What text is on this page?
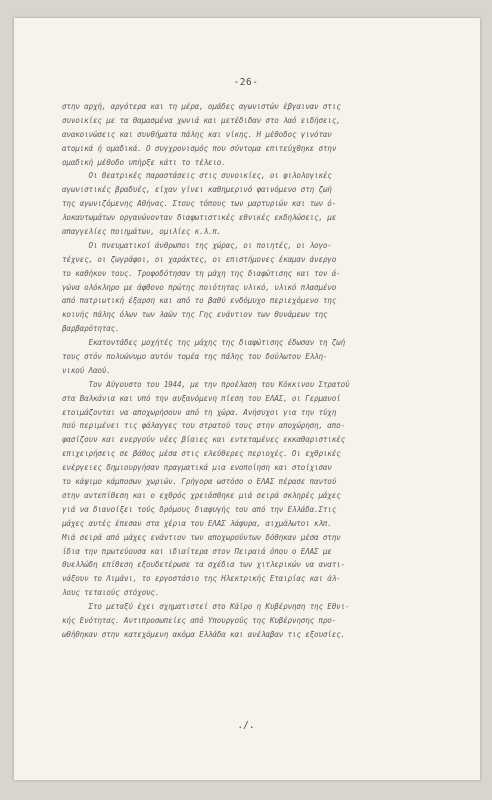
-26-
στην αρχή, αργότερα και τη μέρα, ομάδες αγωνιστών έβγαιναν στις
συνοικίες με τα θαμασμένα χωνιά και μετέδιδαν στο λαό ειδήσεις,
ανακοινώσεις και συνθήματα πάλης και νίκης. Η μέθοδος γινόταν
ατομικά ή ομαδικά. Ο συγχρονισμός που σύντομα επιτεύχθηκε στην
ομαδική μέθοδο υπήρξε κάτι το τέλειο.
Οι θεατρικές παραστάσεις στις συνοικίες, οι φιλολογικές
αγωνιστικές βραδυές, είχαν γίνει καθημερινό φαινόμενο στη ζωή
της αγωνιζόμενης Αθήνας. Στους τόπους των μαρτυριών και των ό-
λοκαυτωμάτων οργανώνονταν διαφωτιστικές εθνικές εκδηλώσεις, με
απαγγελίες ποιημάτων, ομιλίες κ.λ.π.
Οι πνευματικοί άνθρωποι της χώρας, οι ποιητές, οι λογο-
τέχνες, οι ζωγράφοι, οι χαράκτες, οι επιστήμονες έκαμαν άνεργο
το καθήκον τους. Τροφοδότησαν τη μάχη της διαφώτισης και τον ά-
γώνα ολόκληρο με άφθονο πρώτης ποιότητας υλικό, υλικό πλασμένο
από πατριωτική έξαρση και από το βαθύ ενδόμυχο περιεχόμενο της
κοινής πάλης όλων των λαών της Γης ενάντιον των θυνάμεων της
βαρβαρότητας.
Εκατοντάδες μοχήτές της μάχης της διαφώτισης έδωσαν τη ζωή
τους στόν πολυώνυμο αυτόν τομέα της πάλης του δούλωτου Ελλη-
νικού Λαού.
Τον Αύγουστο του 1944, με την προέλαση του Κόκκινου Στρατού
στα Βαλκάνια και υπό την αυξανόμενη πίεση του ΕΛΑΣ, οι Γερμανοί
ετοιμάζονται να αποχωρήσουν από τη χώρα. Ανήσυχοι για την τύχη
πού περιμένει τις φάλαγγες του στρατού τους στην αποχώρηση, απο-
φασίζουν και ενεργούν νέες βίαιες και εντεταμένες εκκαθαριστικές
επιχειρήσεις σε βάθος μέσα στις ελεύθερες περιοχές. Οι εχθρικές
ενέργειες δημιουργήσαν πραγματικά μια ενοποίηση και στοίχισαν
το κάψιμο κάμποσων χωριών. Γρήγορα ωστόσο ο ΕΛΑΣ πέρασε παντού
στην αντεπίθεση και ο εχθρός χρειάσθηκε μιά σειρά σκληρές μάχες
γιά να διανοίξει τούς δρόμους διαφυγής του από την Ελλάδα.Στις
μάχες αυτές έπεσαν στα χέρια του ΕΛΑΣ λάφυρα, αιχμάλωτοι κλπ.
Μιά σειρά από μάχες ενάντιον των αποχωρούντων δόθηκαν μέσα στην
ίδια την πρωτεύουσα και ιδιαίτερα στον Πειραιά όπου ο ΕΛΑΣ με
θυελλώδη επίθεση εξουδετέρωσε τα σχέδια των χιτλερικών να ανατι-
νάξουν το Λιμάνι, το εργοστάσιο της Ηλεκτρικής Εταιρίας και άλ-
λους τεταιούς στόχους.
Στο μεταξύ έχει σχηματιστεί στο Κάϊρο η Κυβέρνηση της Εθνι-
κής Ενότητας. Αντιπροσωπείες από Υπουργούς της Κυβέρνησης προ-
ωθήθηκαν στην κατεχόμενη ακόμα Ελλάδα και ανέλαβαν τις εξουσίες.
./.
